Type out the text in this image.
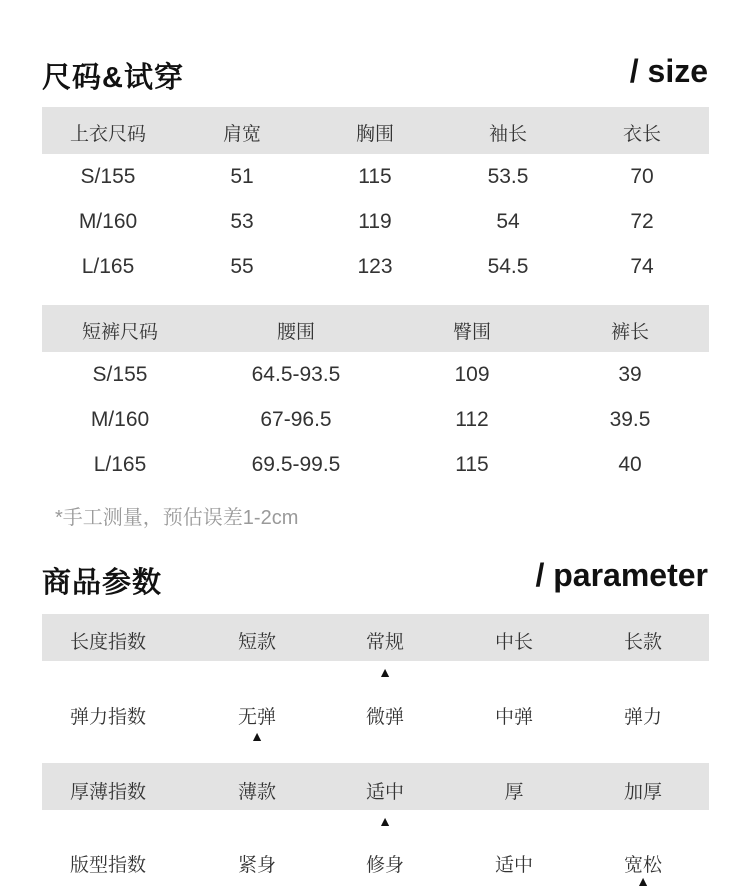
尺码&试穿	/ size
上衣尺码	肩宽	胸围	袖长	衣长
S/155	51	115	53.5	70
M/160	53	119	54	72
L/165	55	123	54.5	74
短裤尺码	腰围	臀围	裤长
S/155	64.5-93.5	109	39
M/160	67-96.5	112	39.5
L/165	69.5-99.5	115	40
*手工测量，预估误差1-2cm
商品参数	/ parameter
长度指数	短款	常规	中长	长款
▲
弹力指数	无弹	微弹	中弹	弹力
▲
厚薄指数	薄款	适中	厚	加厚
▲
版型指数	紧身	修身	适中	宽松
▲
